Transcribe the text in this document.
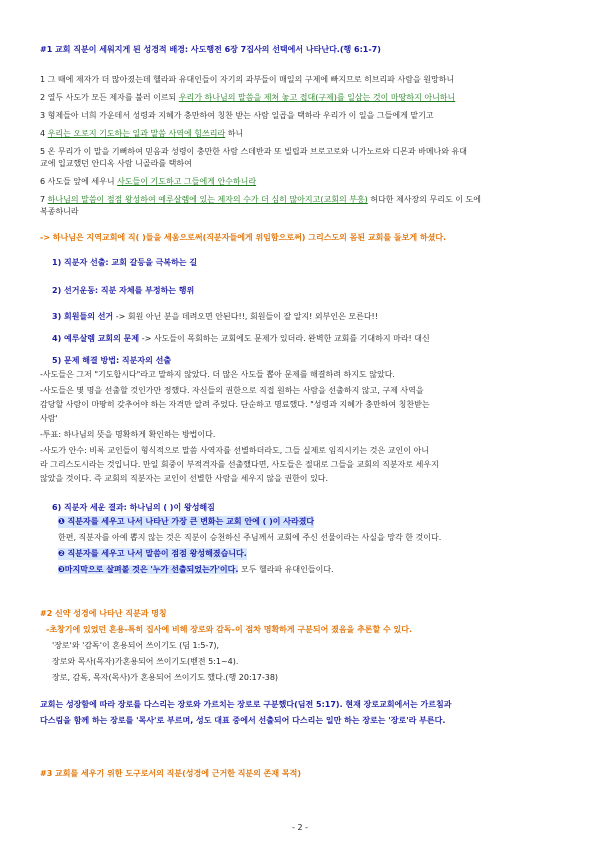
#1 교회 직분이 세워지게 된 성경적 배경: 사도행전 6장 7집사의 선택에서 나타난다.(행 6:1-7)
1 그 때에 제자가 더 많아졌는데 헬라파 유대인들이 자기의 과부들이 매일의 구제에 빠지므로 히브리파 사람을 원망하니
2 열두 사도가 모든 제자를 불러 이르되 우리가 하나님의 말씀을 제쳐 놓고 접대(구제)를 일삼는 것이 마땅하지 아니하니
3 형제들아 너희 가운데서 성령과 지혜가 충만하여 칭찬 받는 사람 일곱을 택하라 우리가 이 일을 그들에게 맡기고
4 우리는 오로지 기도하는 일과 말씀 사역에 힘쓰리라 하니
5 온 무리가 이 말을 기뻐하여 믿음과 성령이 충만한 사람 스데반과 또 빌립과 브로고로와 니가노르와 디몬과 바메나와 유대
교에 입교했던 안디옥 사람 니골라를 택하여
6 사도들 앞에 세우니 사도들이 기도하고 그들에게 안수하니라
7 하나님의 말씀이 점점 왕성하여 예루살렘에 있는 제자의 수가 더 심히 많아지고(교회의 부흥) 허다한 제사장의 무리도 이 도에
복종하니라
-> 하나님은 지역교회에 직( )들을 세움으로써(직분자들에게 위임함으로써) 그리스도의 몸된 교회를 돌보게 하셨다.
1) 직분자 선출: 교회 갈등을 극복하는 길
2) 선거운동: 직분 자체를 부정하는 행위
3) 회원들의 선거 -> 회원 아닌 분을 데려오면 안된다!!, 회원들이 잘 알지! 외부인은 모른다!!
4) 예루살렘 교회의 문제 -> 사도들이 목회하는 교회에도 문제가 있더라. 완벽한 교회를 기대하지 마라! 대신
5) 문제 해결 방법: 직분자의 선출
-사도들은 그저 "기도합시다"라고 말하지 않았다. 더 많은 사도들 뽑아 문제를 해결하려 하지도 않았다.
-사도들은 몇 명을 선출할 것인가만 정했다. 자신들의 권한으로 직접 원하는 사람을 선출하지 않고, 구제 사역을
감당할 사람이 마땅히 갖추어야 하는 자격만 알려 주었다. 단순하고 명료했다. "성령과 지혜가 충만하여 칭찬받는
사람'
-투표: 하나님의 뜻을 명확하게 확인하는 방법이다.
-사도가 안수: 비록 교인들이 형식적으로 말씀 사역자를 선별하더라도, 그들 실제로 임직시키는 것은 교인이 아니
라 그리스도시라는 것입니다. 만일 회중이 부적격자를 선출했다면, 사도들은 절대로 그들을 교회의 직분자로 세우지
않았을 것이다. 즉 교회의 직분자는 교인이 선별한 사람을 세우지 않을 권한이 있다.
6) 직분자 세운 결과: 하나님의 ( )이 왕성해짐
❶ 직분자를 세우고 나서 나타난 가장 큰 변화는 교회 안에 ( )이 사라졌다
한편, 직분자를 아예 뽑지 않는 것은 직분이 승천하신 주님께서 교회에 주신 선물이라는 사실을 망각 한 것이다.
❷ 직분자를 세우고 나서 말씀이 점점 왕성해졌습니다.
❸마지막으로 살펴볼 것은 '누가 선출되었는가'이다. 모두 헬라파 유대인들이다.
#2 신약 성경에 나타난 직분과 명칭
-초창기에 있었던 혼용-특히 집사에 비해 장로와 감독-이 점차 명확하게 구분되어 졌음을 추론할 수 있다.
'장로'와 '감독'이 혼용되어 쓰이기도 (딤 1:5-7),
장로와 목사(목자)가혼용되어 쓰이기도(벧전 5:1~4).
장로, 감독, 목자(목사)가 혼용되어 쓰이기도 했다.(행 20:17-38)
교회는 성장함에 따라 장로를 다스리는 장로와 가르치는 장로로 구분했다(딤전 5:17). 현재 장로교회에서는 가르침과
다스림을 함께 하는 장로를 '목사'로 부르며, 성도 대표 중에서 선출되어 다스리는 일만 하는 장로는 '장로'라 부른다.
#3 교회를 세우기 위한 도구로서의 직분(성경에 근거한 직분의 존재 목적)
- 2 -
